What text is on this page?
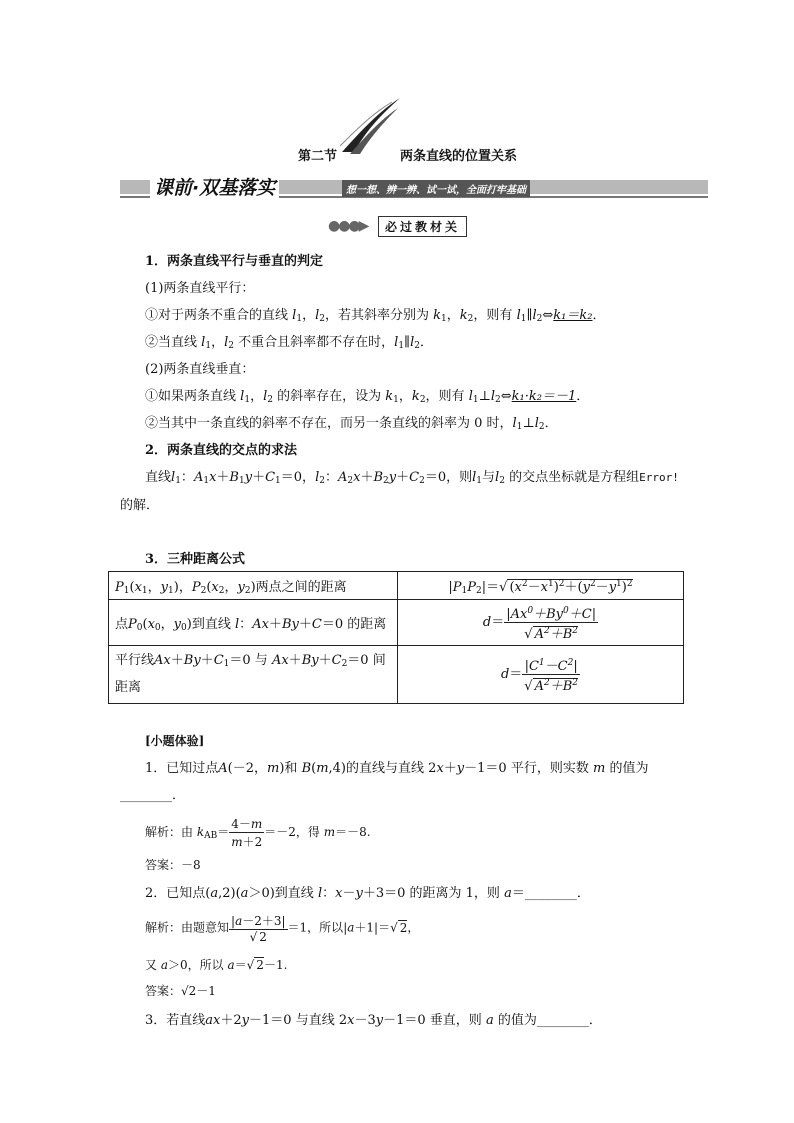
第二节	两条直线的位置关系
课前·双基落实	想一想、辨一辨、试一试，全面打牢基础
●●●▶	必过教材关
1．两条直线平行与垂直的判定
(1)两条直线平行：
①对于两条不重合的直线 $l_1$，$l_2$，若其斜率分别为 $k_1$，$k_2$，则有 $l_1\parallel l_2\Leftrightarrow k_1=k_2$．
②当直线 $l_1$，$l_2$ 不重合且斜率都不存在时，$l_1\parallel l_2$．
(2)两条直线垂直：
①如果两条直线 $l_1$，$l_2$ 的斜率存在，设为 $k_1$，$k_2$，则有 $l_1\perp l_2\Leftrightarrow k_1\cdot k_2=-1$．
②当其中一条直线的斜率不存在，而另一条直线的斜率为 0 时，$l_1\perp l_2$．
2．两条直线的交点的求法
直线$l_1$：$A_1x+B_1y+C_1=0$，$l_2$：$A_2x+B_2y+C_2=0$，则$l_1$与$l_2$ 的交点坐标就是方程组Error!
的解．
3．三种距离公式
$P_1(x_1$，$y_1$)，$P_2(x_2$，$y_2$)两点之间的距离	$|P_1P_2|=√$ $(x^2-x^1)^2+(y^2-y^1)^2$
点$P_0(x_0$，$y_0$)到直线 l：Ax＋By＋C＝0 的距离	$d= \frac{|Ax^0+By^0+C|}{√ A^2+B^2}$

平行线$Ax+By+C_1=0$ 与 $Ax+By+C_2=0$ 间
距离	$d= \frac{|C^1-C^2|}{√ A^2+B^2}$
[小题体验]
1．已知过点A(－2，m)和 B(m,4)的直线与直线 2x＋y－1＝0 平行，则实数 m 的值为
________．
解析：由 $k_{AB}= \frac{4-m}{m+2} =-2$，得 m＝－8.
答案：－8
2．已知点(a,2)(a＞0)到直线 l：x－y＋3＝0 的距离为 1，则 a＝________．
解析：由题意知 $\frac{|a-2+3|}{√ 2} =1$，所以|a＋1|＝√ 2，
又 a＞0，所以 a＝√ 2－1.
答案：√2－1
3．若直线ax＋2y－1＝0 与直线 2x－3y－1＝0 垂直，则 a 的值为________．
